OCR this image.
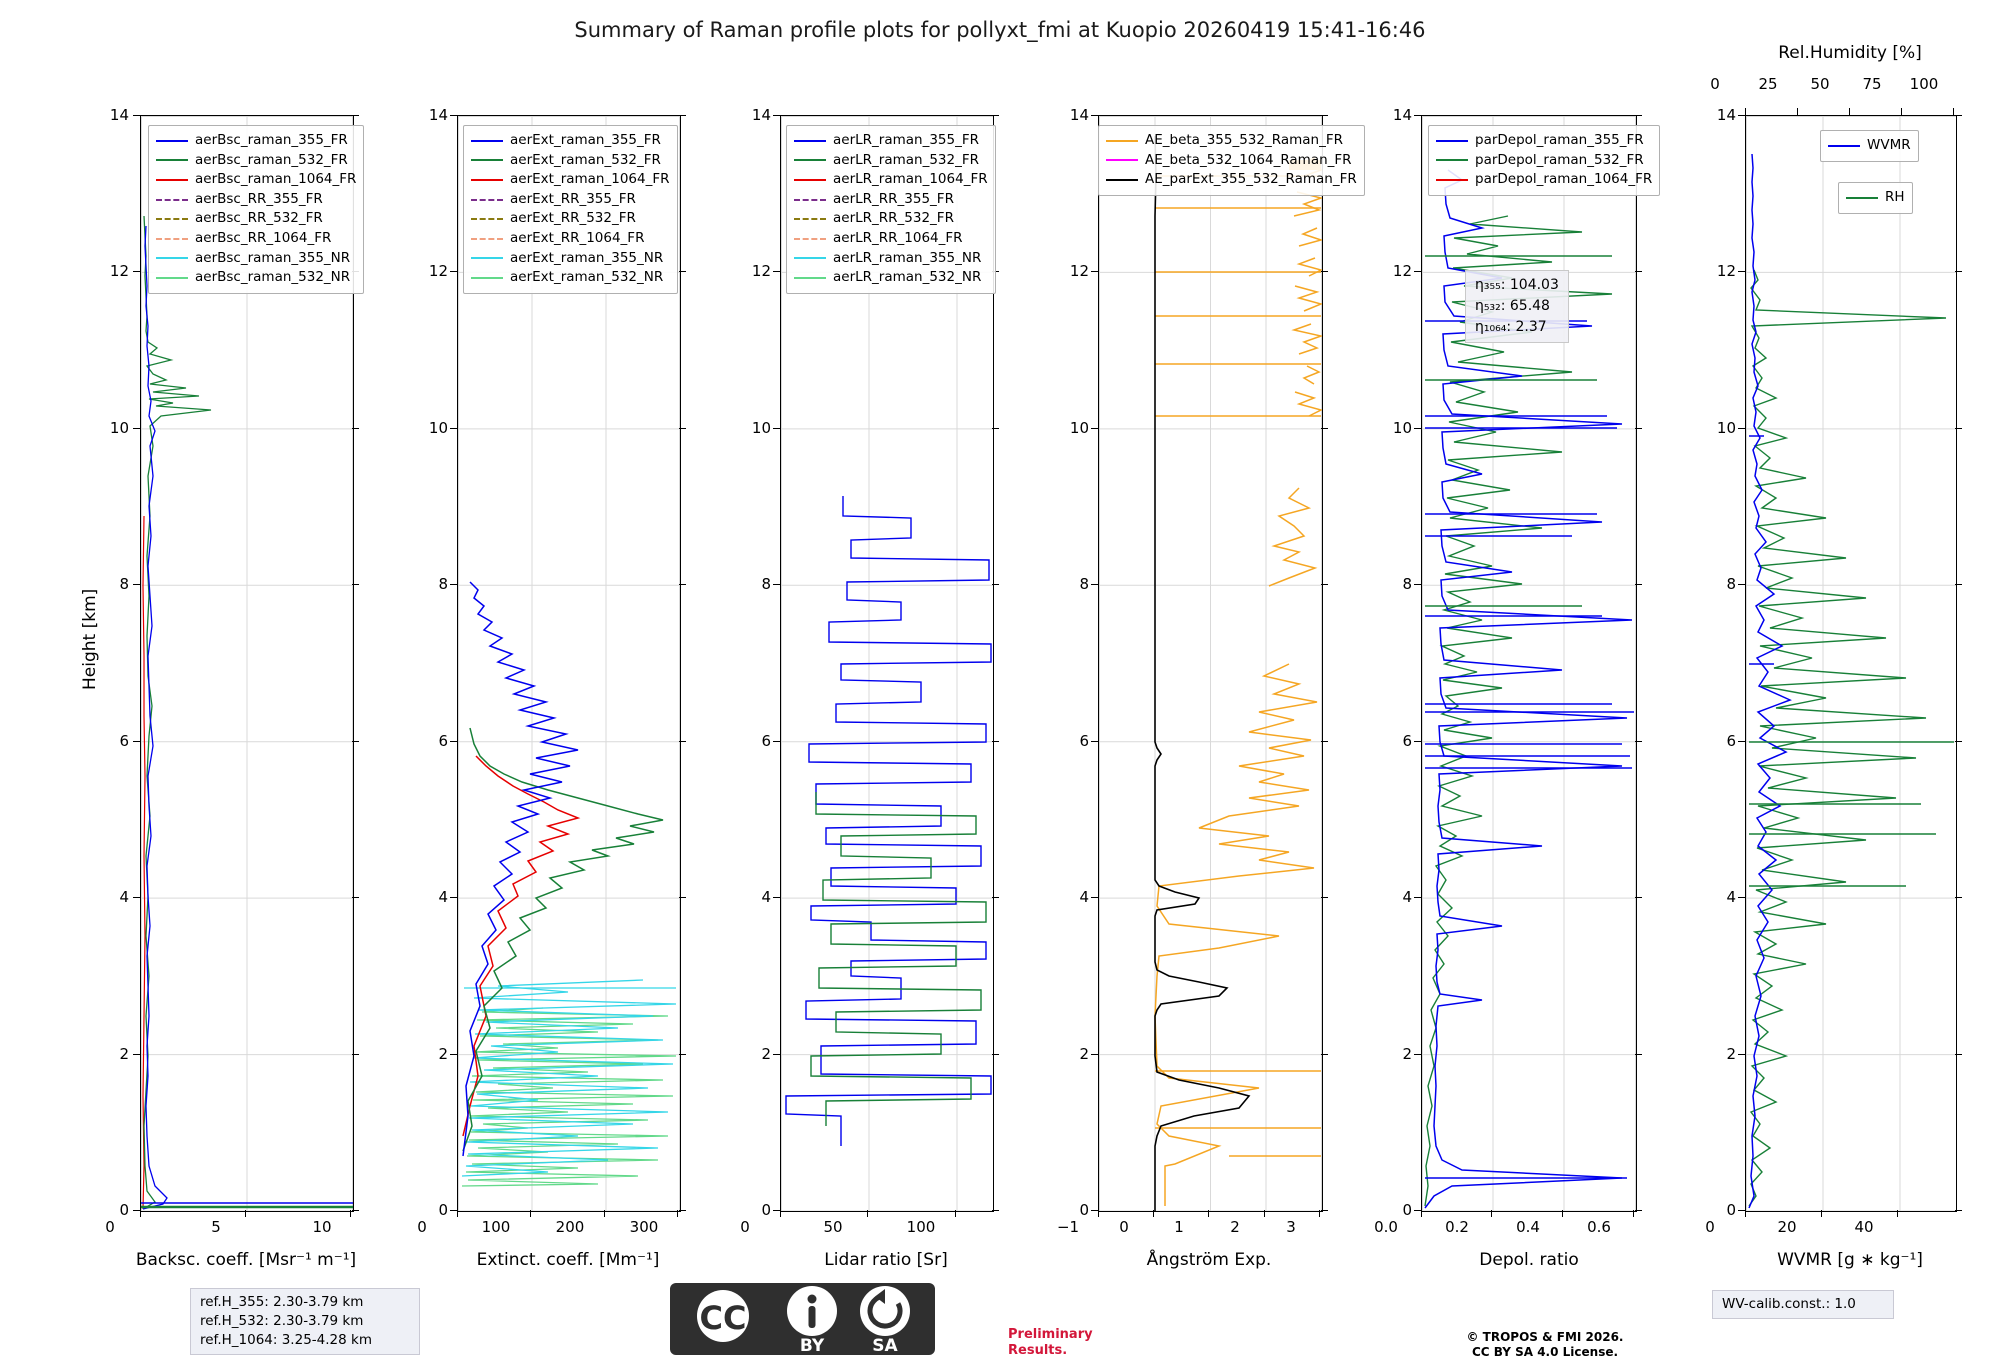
Summary of Raman profile plots for pollyxt_fmi at Kuopio 20260419 15:41-16:46
Height [km]
14
12
10
8
6
4
2
0
0	5	10
Backsc. coeff. [Msr⁻¹ m⁻¹]
aerBsc_raman_355_FR
aerBsc_raman_532_FR
aerBsc_raman_1064_FR
aerBsc_RR_355_FR
aerBsc_RR_532_FR
aerBsc_RR_1064_FR
aerBsc_raman_355_NR
aerBsc_raman_532_NR
14
12
10
8
6
4
2
0
0	100	200	300
Extinct. coeff. [Mm⁻¹]
aerExt_raman_355_FR
aerExt_raman_532_FR
aerExt_raman_1064_FR
aerExt_RR_355_FR
aerExt_RR_532_FR
aerExt_RR_1064_FR
aerExt_raman_355_NR
aerExt_raman_532_NR
14
12
10
8
6
4
2
0
0	50	100
Lidar ratio [Sr]
aerLR_raman_355_FR
aerLR_raman_532_FR
aerLR_raman_1064_FR
aerLR_RR_355_FR
aerLR_RR_532_FR
aerLR_RR_1064_FR
aerLR_raman_355_NR
aerLR_raman_532_NR
14
12
10
8
6
4
2
0
−1	0	1	2	3
Ångström Exp.
AE_beta_355_532_Raman_FR
AE_beta_532_1064_Raman_FR
AE_parExt_355_532_Raman_FR
14
12
10
8
6
4
2
0
0.0	0.2	0.4	0.6
Depol. ratio
parDepol_raman_355_FR
parDepol_raman_532_FR
parDepol_raman_1064_FR
η₃₅₅: 104.03
η₅₃₂: 65.48
η₁₀₆₄: 2.37
14
12
10
8
6
4
2
0
0	20	40
WVMR [g ∗ kg⁻¹]
0	25	50	75	100
Rel.Humidity [%]
WVMR
RH
ref.H_355: 2.30-3.79 km
ref.H_532: 2.30-3.79 km
ref.H_1064: 3.25-4.28 km
CC
BY	SA
Preliminary
Results.
© TROPOS & FMI 2026.
CC BY SA 4.0 License.
WV-calib.const.: 1.0
